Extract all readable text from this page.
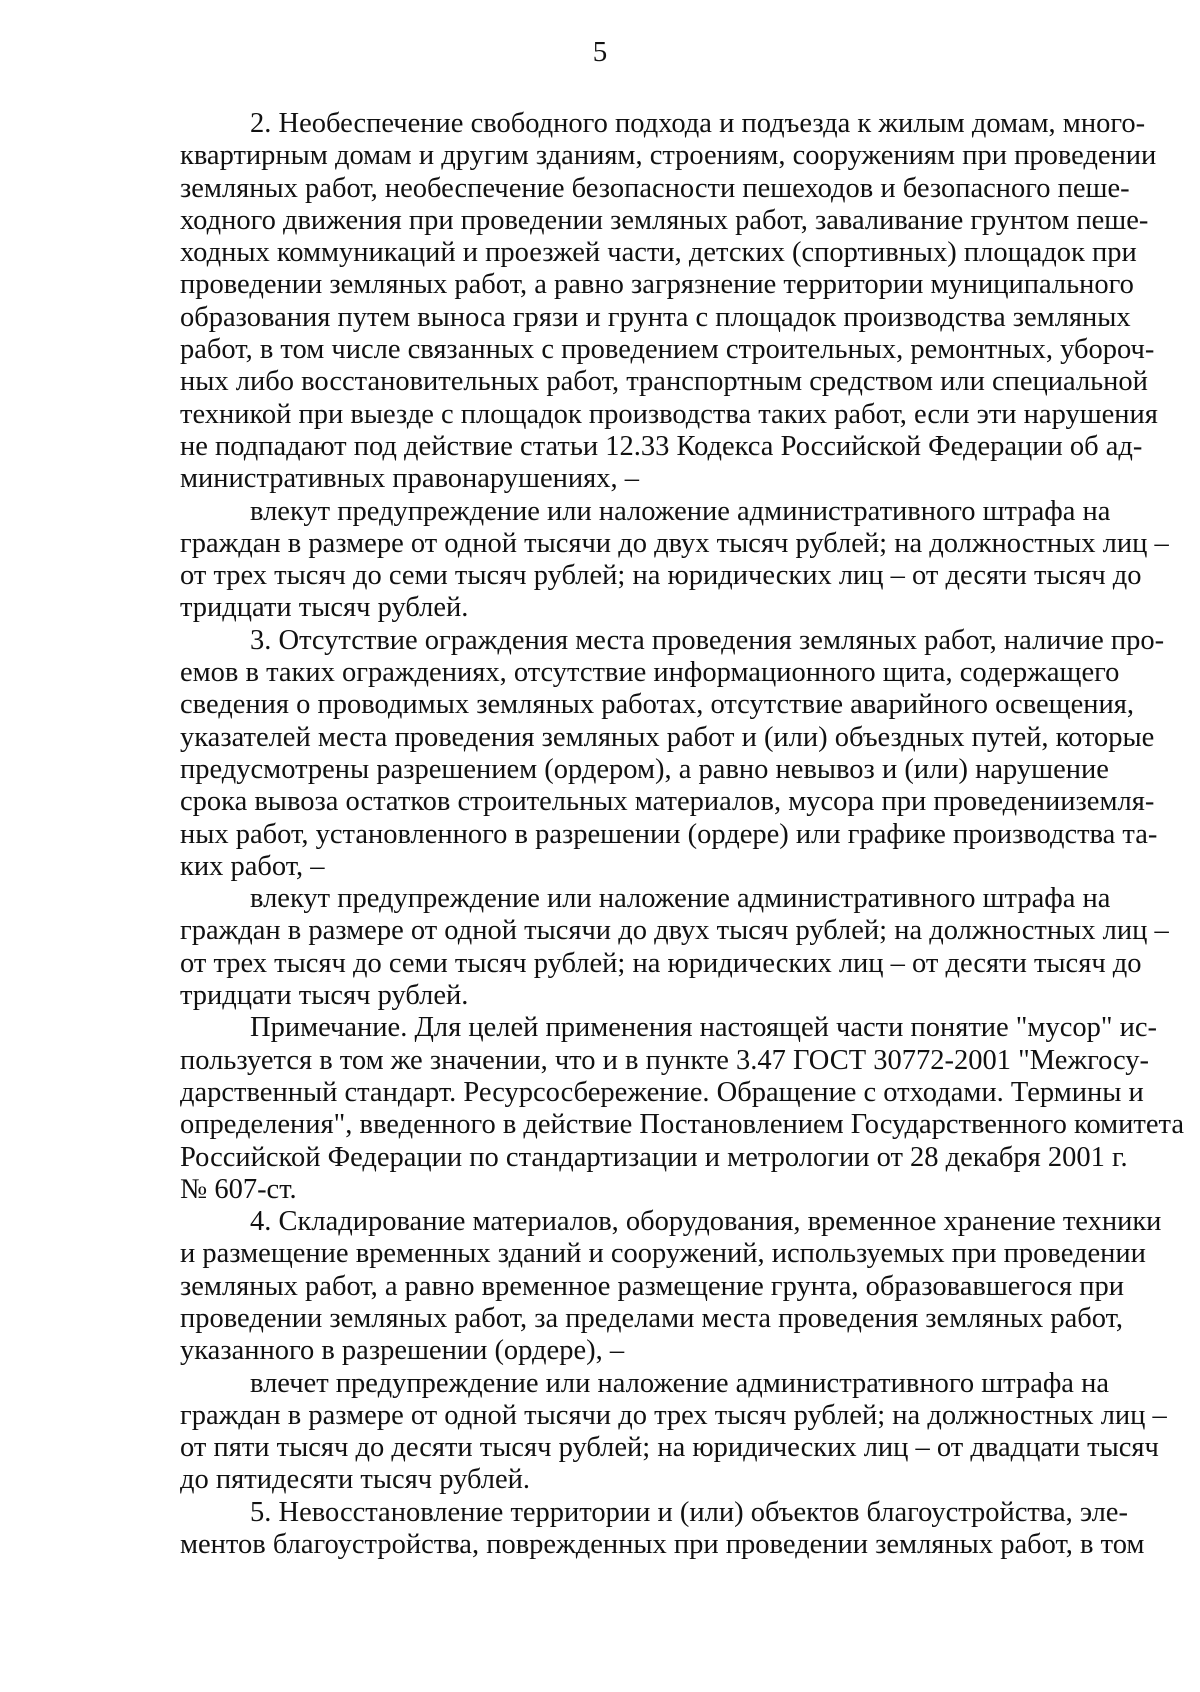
5
2. Необеспечение свободного подхода и подъезда к жилым домам, много-
квартирным домам и другим зданиям, строениям, сооружениям при проведении
земляных работ, необеспечение безопасности пешеходов и безопасного пеше-
ходного движения при проведении земляных работ, заваливание грунтом пеше-
ходных коммуникаций и проезжей части, детских (спортивных) площадок при
проведении земляных работ, а равно загрязнение территории муниципального
образования путем выноса грязи и грунта с площадок производства земляных
работ, в том числе связанных с проведением строительных, ремонтных, убороч-
ных либо восстановительных работ, транспортным средством или специальной
техникой при выезде с площадок производства таких работ, если эти нарушения
не подпадают под действие статьи 12.33 Кодекса Российской Федерации об ад-
министративных правонарушениях, –
влекут предупреждение или наложение административного штрафа на
граждан в размере от одной тысячи до двух тысяч рублей; на должностных лиц –
от трех тысяч до семи тысяч рублей; на юридических лиц – от десяти тысяч до
тридцати тысяч рублей.
3. Отсутствие ограждения места проведения земляных работ, наличие про-
емов в таких ограждениях, отсутствие информационного щита, содержащего
сведения о проводимых земляных работах, отсутствие аварийного освещения,
указателей места проведения земляных работ и (или) объездных путей, которые
предусмотрены разрешением (ордером), а равно невывоз и (или) нарушение
срока вывоза остатков строительных материалов, мусора при проведенииземля-
ных работ, установленного в разрешении (ордере) или графике производства та-
ких работ, –
влекут предупреждение или наложение административного штрафа на
граждан в размере от одной тысячи до двух тысяч рублей; на должностных лиц –
от трех тысяч до семи тысяч рублей; на юридических лиц – от десяти тысяч до
тридцати тысяч рублей.
Примечание. Для целей применения настоящей части понятие "мусор" ис-
пользуется в том же значении, что и в пункте 3.47 ГОСТ 30772-2001 "Межгосу-
дарственный стандарт. Ресурсосбережение. Обращение с отходами. Термины и
определения", введенного в действие Постановлением Государственного комитета
Российской Федерации по стандартизации и метрологии от 28 декабря 2001 г.
№ 607-ст.
4. Складирование материалов, оборудования, временное хранение техники
и размещение временных зданий и сооружений, используемых при проведении
земляных работ, а равно временное размещение грунта, образовавшегося при
проведении земляных работ, за пределами места проведения земляных работ,
указанного в разрешении (ордере), –
влечет предупреждение или наложение административного штрафа на
граждан в размере от одной тысячи до трех тысяч рублей; на должностных лиц –
от пяти тысяч до десяти тысяч рублей; на юридических лиц – от двадцати тысяч
до пятидесяти тысяч рублей.
5. Невосстановление территории и (или) объектов благоустройства, эле-
ментов благоустройства, поврежденных при проведении земляных работ, в том
